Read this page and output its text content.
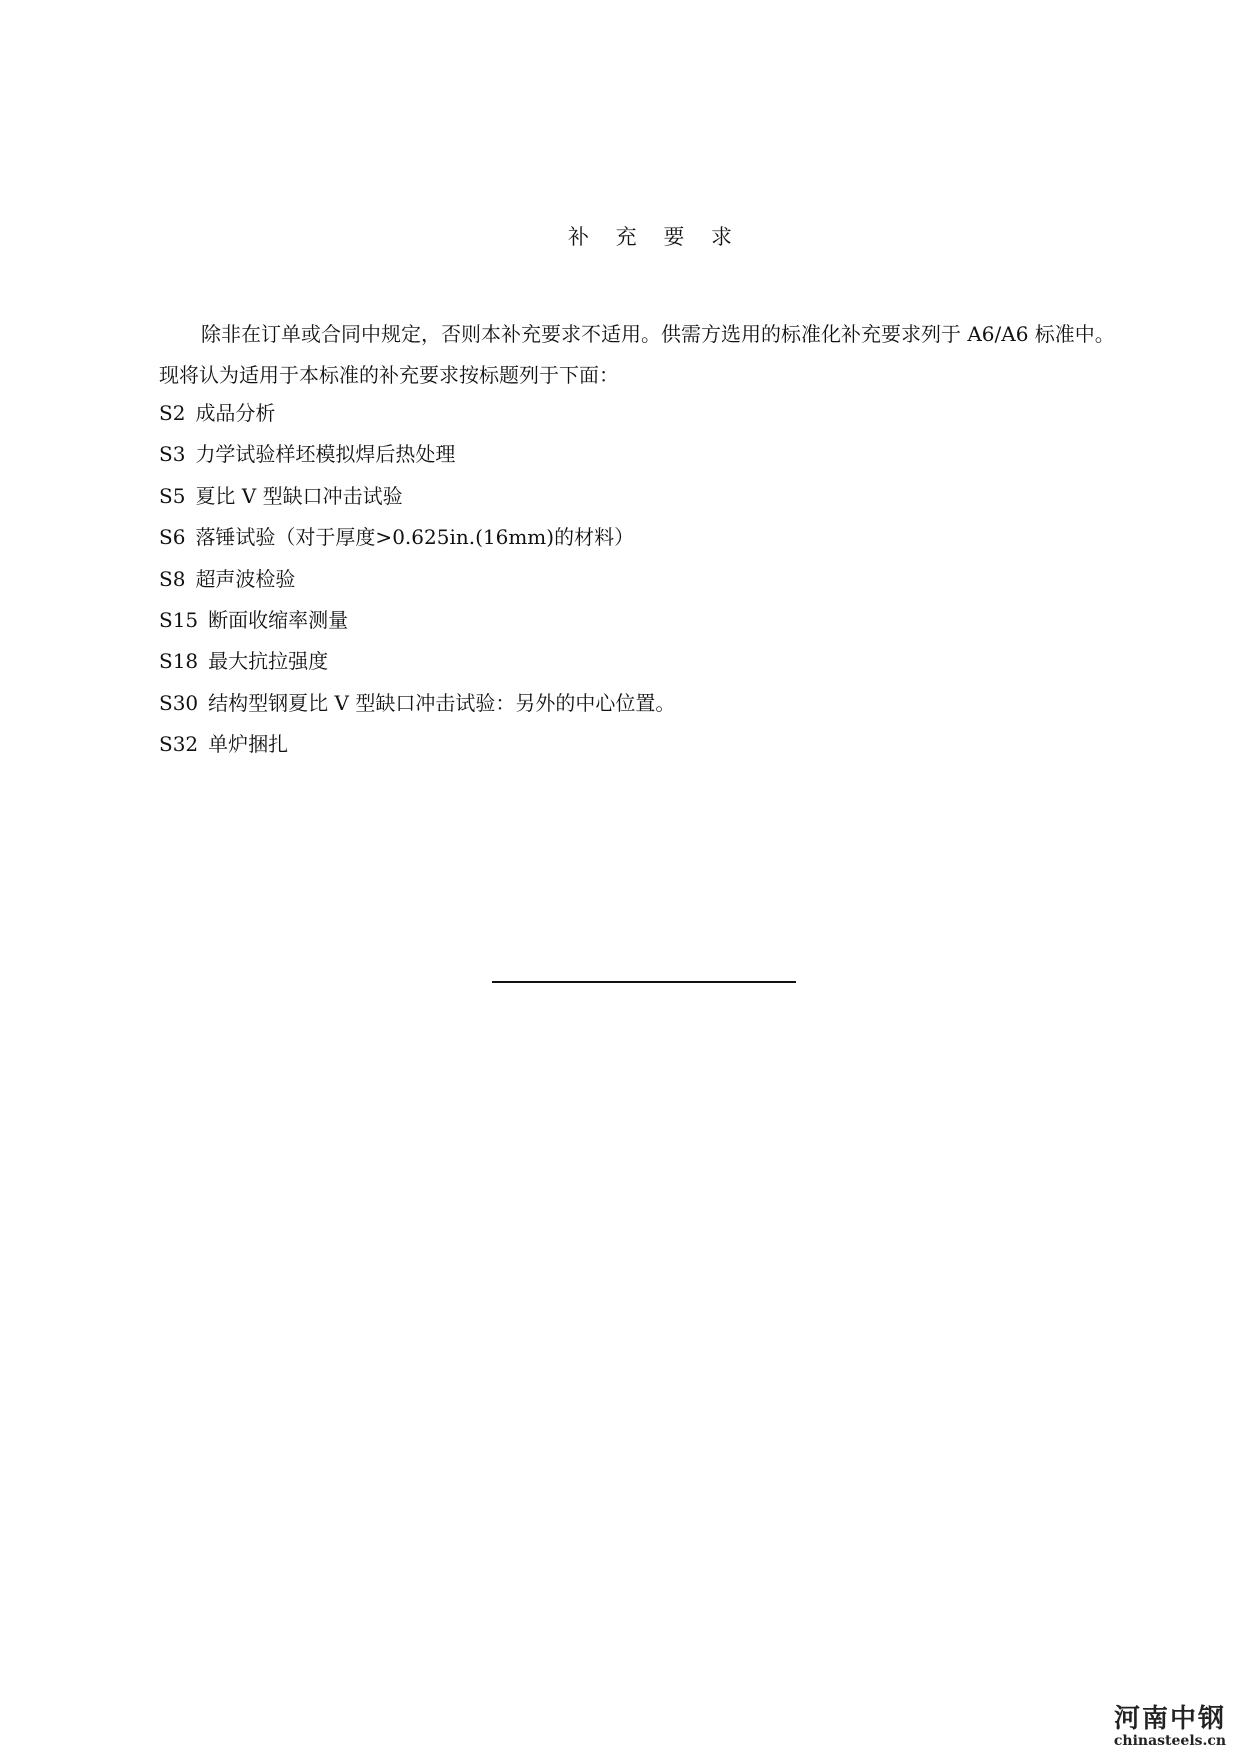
补 充 要 求

除非在订单或合同中规定，否则本补充要求不适用。供需方选用的标准化补充要求列于 A6/A6 标准中。现将认为适用于本标准的补充要求按标题列于下面：

S2 成品分析
S3 力学试验样坯模拟焊后热处理
S5 夏比 V 型缺口冲击试验
S6 落锤试验（对于厚度>0.625in.(16mm)的材料）
S8 超声波检验
S15 断面收缩率测量
S18 最大抗拉强度
S30 结构型钢夏比 V 型缺口冲击试验：另外的中心位置。
S32 单炉捆扎
河南中钢
chinasteels.cn
